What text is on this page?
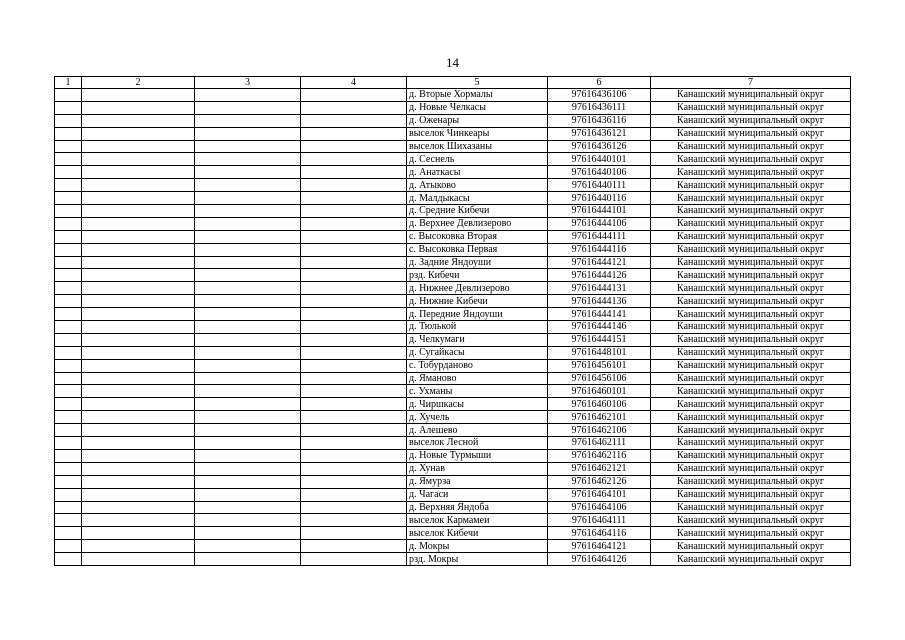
14
1	2	3	4	5	6	7
				д. Вторые Хормалы	97616436106	Канашский муниципальный округ
				д. Новые Челкасы	97616436111	Канашский муниципальный округ
				д. Оженары	97616436116	Канашский муниципальный округ
				выселок Чинкеары	97616436121	Канашский муниципальный округ
				выселок Шихазаны	97616436126	Канашский муниципальный округ
				д. Сеснель	97616440101	Канашский муниципальный округ
				д. Анаткасы	97616440106	Канашский муниципальный округ
				д. Атыково	97616440111	Канашский муниципальный округ
				д. Малдыкасы	97616440116	Канашский муниципальный округ
				д. Средние Кибечи	97616444101	Канашский муниципальный округ
				д. Верхнее Девлизерово	97616444106	Канашский муниципальный округ
				с. Высоковка Вторая	97616444111	Канашский муниципальный округ
				с. Высоковка Первая	97616444116	Канашский муниципальный округ
				д. Задние Яндоуши	97616444121	Канашский муниципальный округ
				рзд. Кибечи	97616444126	Канашский муниципальный округ
				д. Нижнее Девлизерово	97616444131	Канашский муниципальный округ
				д. Нижние Кибечи	97616444136	Канашский муниципальный округ
				д. Передние Яндоуши	97616444141	Канашский муниципальный округ
				д. Тюлькой	97616444146	Канашский муниципальный округ
				д. Челкумаги	97616444151	Канашский муниципальный округ
				д. Сугайкасы	97616448101	Канашский муниципальный округ
				с. Тобурданово	97616456101	Канашский муниципальный округ
				д. Яманово	97616456106	Канашский муниципальный округ
				с. Ухманы	97616460101	Канашский муниципальный округ
				д. Чиршкасы	97616460106	Канашский муниципальный округ
				д. Хучель	97616462101	Канашский муниципальный округ
				д. Алешево	97616462106	Канашский муниципальный округ
				выселок Лесной	97616462111	Канашский муниципальный округ
				д. Новые Турмыши	97616462116	Канашский муниципальный округ
				д. Хунав	97616462121	Канашский муниципальный округ
				д. Ямурза	97616462126	Канашский муниципальный округ
				д. Чагаси	97616464101	Канашский муниципальный округ
				д. Верхняя Яндоба	97616464106	Канашский муниципальный округ
				выселок Кармамеи	97616464111	Канашский муниципальный округ
				выселок Кибечи	97616464116	Канашский муниципальный округ
				д. Мокры	97616464121	Канашский муниципальный округ
				рзд. Мокры	97616464126	Канашский муниципальный округ
